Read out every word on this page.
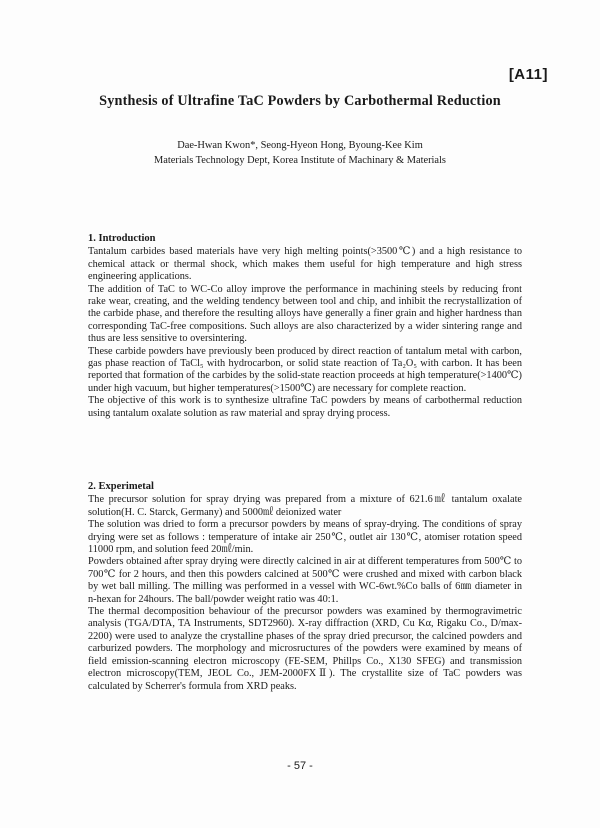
[A11]
Synthesis of Ultrafine TaC Powders by Carbothermal Reduction
Dae-Hwan Kwon*, Seong-Hyeon Hong, Byoung-Kee Kim
Materials Technology Dept, Korea Institute of Machinary & Materials
1. Introduction

Tantalum carbides based materials have very high melting points(>3500℃) and a high resistance to chemical attack or thermal shock, which makes them useful for high temperature and high stress engineering applications.

The addition of TaC to WC-Co alloy improve the performance in machining steels by reducing front rake wear, creating, and the welding tendency between tool and chip, and inhibit the recrystallization of the carbide phase, and therefore the resulting alloys have generally a finer grain and higher hardness than corresponding TaC-free compositions. Such alloys are also characterized by a wider sintering range and thus are less sensitive to oversintering.

These carbide powders have previously been produced by direct reaction of tantalum metal with carbon, gas phase reaction of TaCl₅ with hydrocarbon, or solid state reaction of Ta₂O₅ with carbon. It has been reported that formation of the carbides by the solid-state reaction proceeds at high temperature(>1400℃) under high vacuum, but higher temperatures(>1500℃) are necessary for complete reaction.

The objective of this work is to synthesize ultrafine TaC powders by means of carbothermal reduction using tantalum oxalate solution as raw material and spray drying process.

2. Experimetal

The precursor solution for spray drying was prepared from a mixture of 621.6㎖ tantalum oxalate solution(H. C. Starck, Germany) and 5000㎖ deionized water

The solution was dried to form a precursor powders by means of spray-drying. The conditions of spray drying were set as follows : temperature of intake air 250℃, outlet air 130℃, atomiser rotation speed 11000 rpm, and solution feed 20㎖/min.

Powders obtained after spray drying were directly calcined in air at different temperatures from 500℃ to 700℃ for 2 hours, and then this powders calcined at 500℃ were crushed and mixed with carbon black by wet ball milling. The milling was performed in a vessel with WC-6wt.%Co balls of 6㎜ diameter in n-hexan for 24hours. The ball/powder weight ratio was 40:1.

The thermal decomposition behaviour of the precursor powders was examined by thermogravimetric analysis (TGA/DTA, TA Instruments, SDT2960). X-ray diffraction (XRD, Cu Kα, Rigaku Co., D/max-2200) were used to analyze the crystalline phases of the spray dried precursor, the calcined powders and carburized powders. The morphology and microsructures of the powders were examined by means of field emission-scanning electron microscopy (FE-SEM, Phillps Co., X130 SFEG) and transmission electron microscopy(TEM, JEOL Co., JEM-2000FXⅡ). The crystallite size of TaC powders was calculated by Scherrer's formula from XRD peaks.

- 57 -
